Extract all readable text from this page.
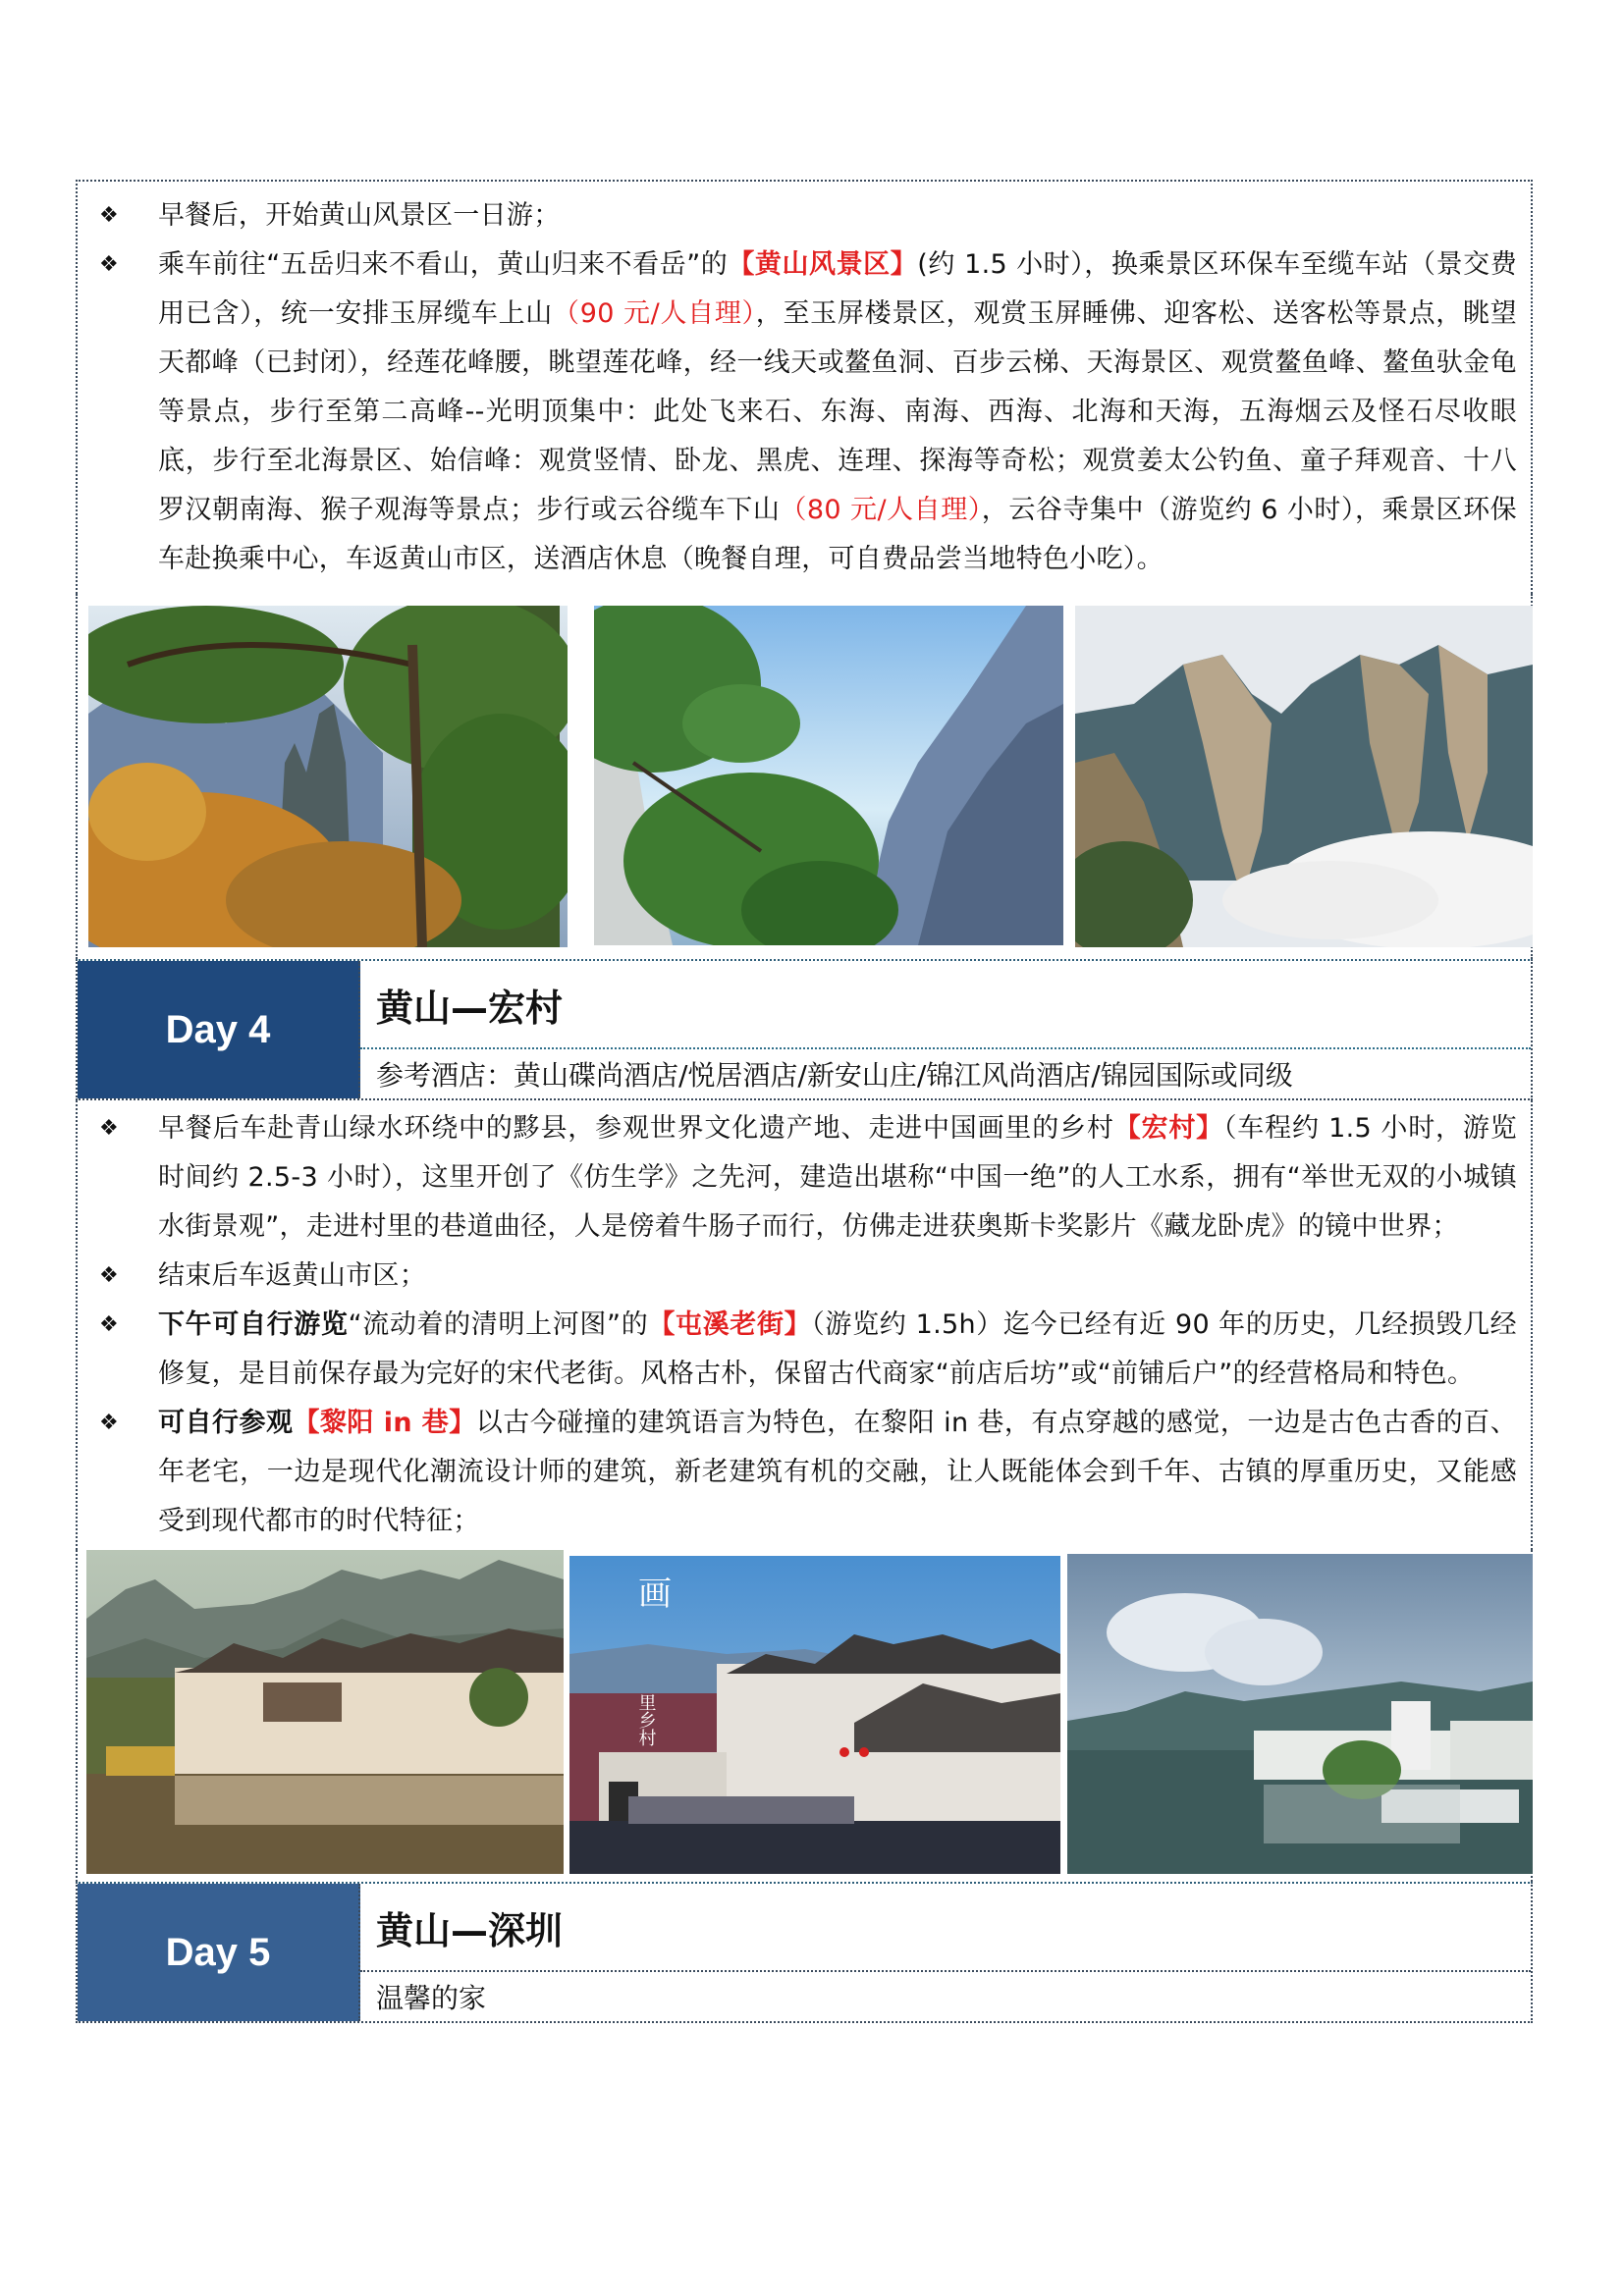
❖	早餐后，开始黄山风景区一日游；
❖	乘车前往“五岳归来不看山，黄山归来不看岳”的【黄山风景区】(约 1.5 小时），换乘景区环保车至缆车站（景交费用已含），统一安排玉屏缆车上山（90 元/人自理），至玉屏楼景区，观赏玉屏睡佛、迎客松、送客松等景点，眺望天都峰（已封闭），经莲花峰腰，眺望莲花峰，经一线天或鳌鱼洞、百步云梯、天海景区、观赏鳌鱼峰、鳌鱼驮金龟等景点，步行至第二高峰--光明顶集中：此处飞来石、东海、南海、西海、北海和天海，五海烟云及怪石尽收眼底，步行至北海景区、始信峰：观赏竖情、卧龙、黑虎、连理、探海等奇松；观赏姜太公钓鱼、童子拜观音、十八罗汉朝南海、猴子观海等景点；步行或云谷缆车下山（80 元/人自理），云谷寺集中（游览约 6 小时），乘景区环保车赴换乘中心，车返黄山市区，送酒店休息（晚餐自理，可自费品尝当地特色小吃）。
Day 4	黄山—宏村
参考酒店：黄山碟尚酒店/悦居酒店/新安山庄/锦江风尚酒店/锦园国际或同级
❖	早餐后车赴青山绿水环绕中的黟县，参观世界文化遗产地、走进中国画里的乡村【宏村】（车程约 1.5 小时，游览时间约 2.5-3 小时），这里开创了《仿生学》之先河，建造出堪称“中国一绝”的人工水系，拥有“举世无双的小城镇水街景观”，走进村里的巷道曲径，人是傍着牛肠子而行，仿佛走进获奥斯卡奖影片《藏龙卧虎》的镜中世界；
❖	结束后车返黄山市区；
❖	下午可自行游览“流动着的清明上河图”的【屯溪老街】（游览约 1.5h）迄今已经有近 90 年的历史，几经损毁几经修复，是目前保存最为完好的宋代老街。风格古朴，保留古代商家“前店后坊”或“前铺后户”的经营格局和特色。
❖	可自行参观【黎阳 in 巷】以古今碰撞的建筑语言为特色，在黎阳 in 巷，有点穿越的感觉，一边是古色古香的百、年老宅，一边是现代化潮流设计师的建筑，新老建筑有机的交融，让人既能体会到千年、古镇的厚重历史，又能感受到现代都市的时代特征；
画
里乡村
Day 5	黄山—深圳
温馨的家
